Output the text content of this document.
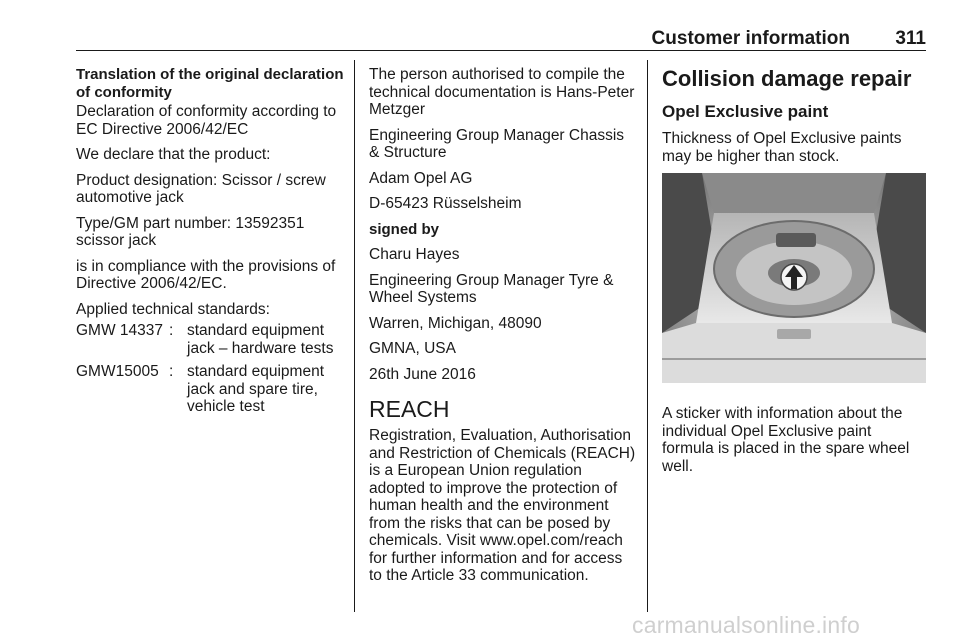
Customer information	311

Translation of the original declaration of conformity

Declaration of conformity according to EC Directive 2006/42/EC

We declare that the product:

Product designation: Scissor / screw automotive jack

Type/GM part number: 13592351 scissor jack

is in compliance with the provisions of Directive 2006/42/EC.

Applied technical standards:

GMW 14337	:	standard equipment jack – hardware tests
GMW15005	:	standard equipment jack and spare tire, vehicle test

The person authorised to compile the technical documentation is Hans-Peter Metzger

Engineering Group Manager Chassis & Structure

Adam Opel AG

D-65423 Rüsselsheim

signed by

Charu Hayes

Engineering Group Manager Tyre & Wheel Systems

Warren, Michigan, 48090

GMNA, USA

26th June 2016

REACH

Registration, Evaluation, Authorisation and Restriction of Chemicals (REACH) is a European Union regulation adopted to improve the protection of human health and the environment from the risks that can be posed by chemicals. Visit www.opel.com/reach for further information and for access to the Article 33 communication.

Collision damage repair
Opel Exclusive paint

Thickness of Opel Exclusive paints may be higher than stock.

A sticker with information about the individual Opel Exclusive paint formula is placed in the spare wheel well.

carmanualsonline.info
